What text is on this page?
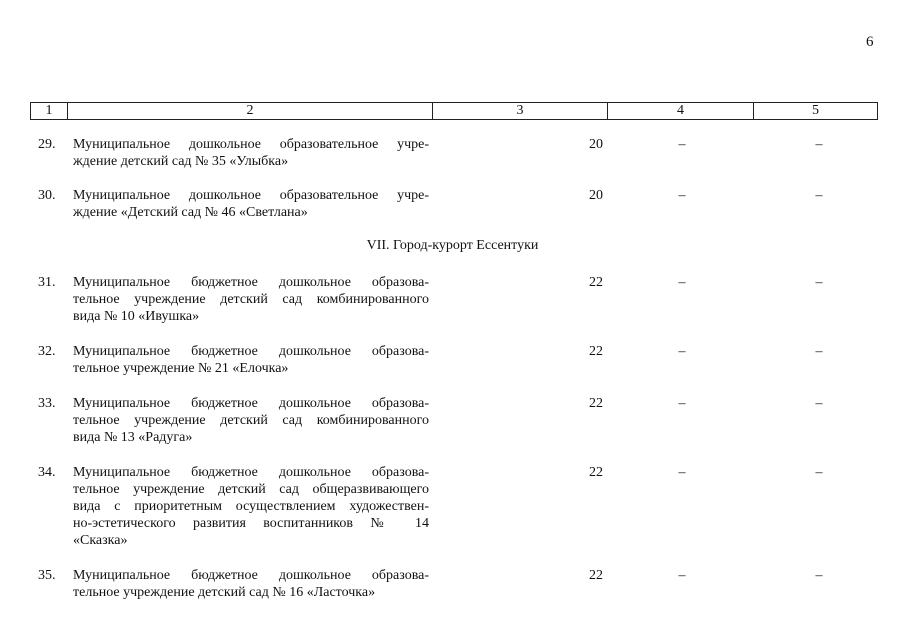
6
1	2	3	4	5
29.	Муниципальное дошкольное образовательное учре-
ждение детский сад № 35 «Улыбка»
20	–	–
30.	Муниципальное дошкольное образовательное учре-
ждение «Детский сад № 46 «Светлана»
20	–	–
31.	Муниципальное бюджетное дошкольное образова-
тельное учреждение детский сад комбинированного
вида № 10 «Ивушка»
22	–	–
32.	Муниципальное бюджетное дошкольное образова-
тельное учреждение № 21 «Елочка»
22	–	–
33.	Муниципальное бюджетное дошкольное образова-
тельное учреждение детский сад комбинированного
вида № 13 «Радуга»
22	–	–
34.	Муниципальное бюджетное дошкольное образова-
тельное учреждение детский сад общеразвивающего
вида с приоритетным осуществлением художествен-
но-эстетического развития воспитанников № 14
«Сказка»
22	–	–
35.	Муниципальное бюджетное дошкольное образова-
тельное учреждение детский сад № 16 «Ласточка»
22	–	–
VII. Город-курорт Ессентуки
